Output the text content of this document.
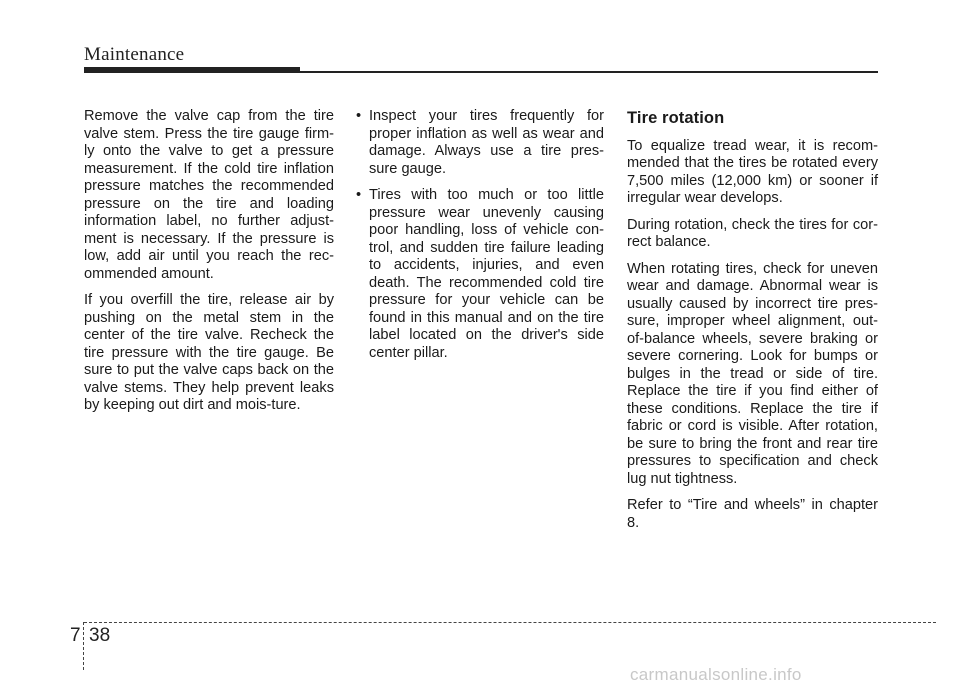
Maintenance

Remove the valve cap from the tire valve stem. Press the tire gauge firm-ly onto the valve to get a pressure measurement. If the cold tire inflation pressure matches the recommended pressure on the tire and loading information label, no further adjust-ment is necessary. If the pressure is low, add air until you reach the rec-ommended amount.

If you overfill the tire, release air by pushing on the metal stem in the center of the tire valve. Recheck the tire pressure with the tire gauge. Be sure to put the valve caps back on the valve stems. They help prevent leaks by keeping out dirt and mois-ture.

• Inspect your tires frequently for proper inflation as well as wear and damage. Always use a tire pres-sure gauge.
• Tires with too much or too little pressure wear unevenly causing poor handling, loss of vehicle con-trol, and sudden tire failure leading to accidents, injuries, and even death. The recommended cold tire pressure for your vehicle can be found in this manual and on the tire label located on the driver's side center pillar.
Tire rotation

To equalize tread wear, it is recom-mended that the tires be rotated every 7,500 miles (12,000 km) or sooner if irregular wear develops.

During rotation, check the tires for cor-rect balance.

When rotating tires, check for uneven wear and damage. Abnormal wear is usually caused by incorrect tire pres-sure, improper wheel alignment, out-of-balance wheels, severe braking or severe cornering. Look for bumps or bulges in the tread or side of tire. Replace the tire if you find either of these conditions. Replace the tire if fabric or cord is visible. After rotation, be sure to bring the front and rear tire pressures to specification and check lug nut tightness.

Refer to “Tire and wheels” in chapter 8.

7 38
carmanualsonline.info
